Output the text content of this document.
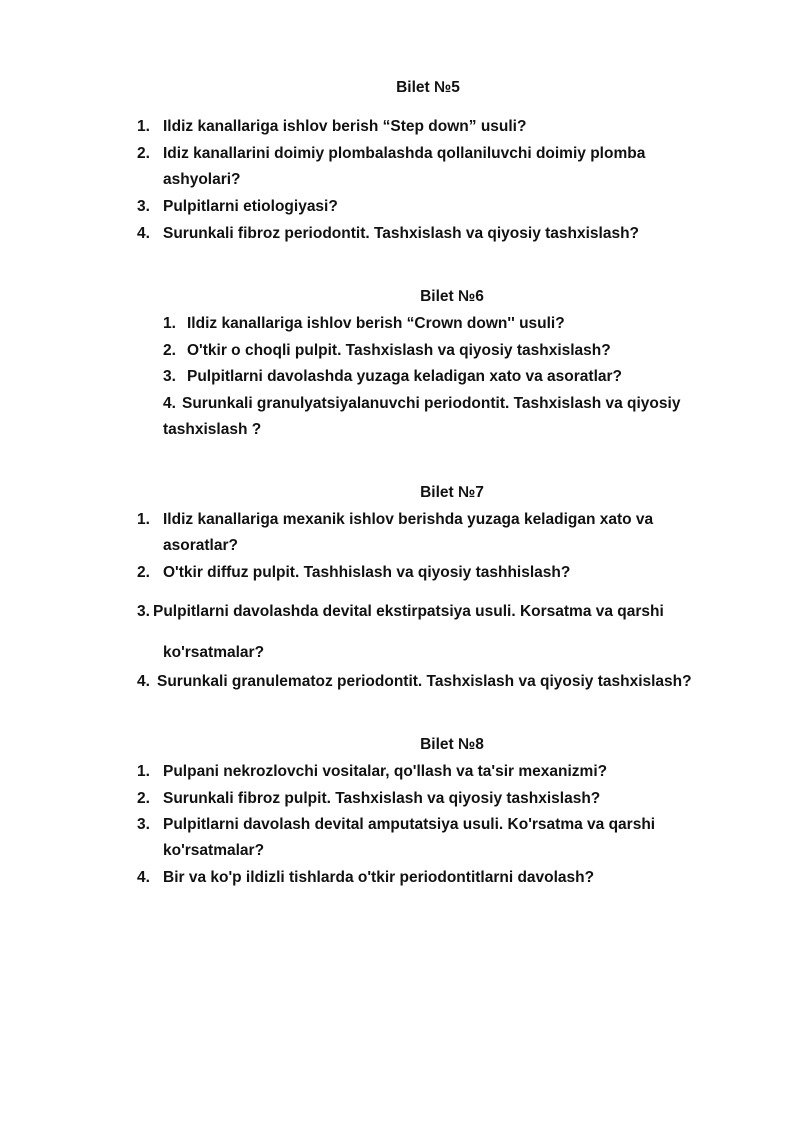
Bilet №5
1. Ildiz kanallariga ishlov berish “Step down” usuli?
2. Idiz kanallarini doimiy plombalashda qollaniluvchi doimiy plomba
ashyolari?
3. Pulpitlarni etiologiyasi?
4. Surunkali fibroz periodontit. Tashxislash va qiyosiy tashxislash?
Bilet №6
1. Ildiz kanallariga ishlov berish “Crown down'' usuli?
2. O'tkir o choqli pulpit. Tashxislash va qiyosiy tashxislash?
3. Pulpitlarni davolashda yuzaga keladigan xato va asoratlar?
4. Surunkali granulyatsiyalanuvchi periodontit. Tashxislash va qiyosiy
tashxislash ?
Bilet №7
1. Ildiz kanallariga mexanik ishlov berishda yuzaga keladigan xato va
asoratlar?
2. O'tkir diffuz pulpit. Tashhislash va qiyosiy tashhislash?
3. Pulpitlarni davolashda devital ekstirpatsiya usuli. Korsatma va qarshi
ko'rsatmalar?
4. Surunkali granulematoz periodontit. Tashxislash va qiyosiy tashxislash?
Bilet №8
1. Pulpani nekrozlovchi vositalar, qo'llash va ta'sir mexanizmi?
2. Surunkali fibroz pulpit. Tashxislash va qiyosiy tashxislash?
3. Pulpitlarni davolash devital amputatsiya usuli. Ko'rsatma va qarshi
ko'rsatmalar?
4. Bir va ko'p ildizli tishlarda o'tkir periodontitlarni davolash?
